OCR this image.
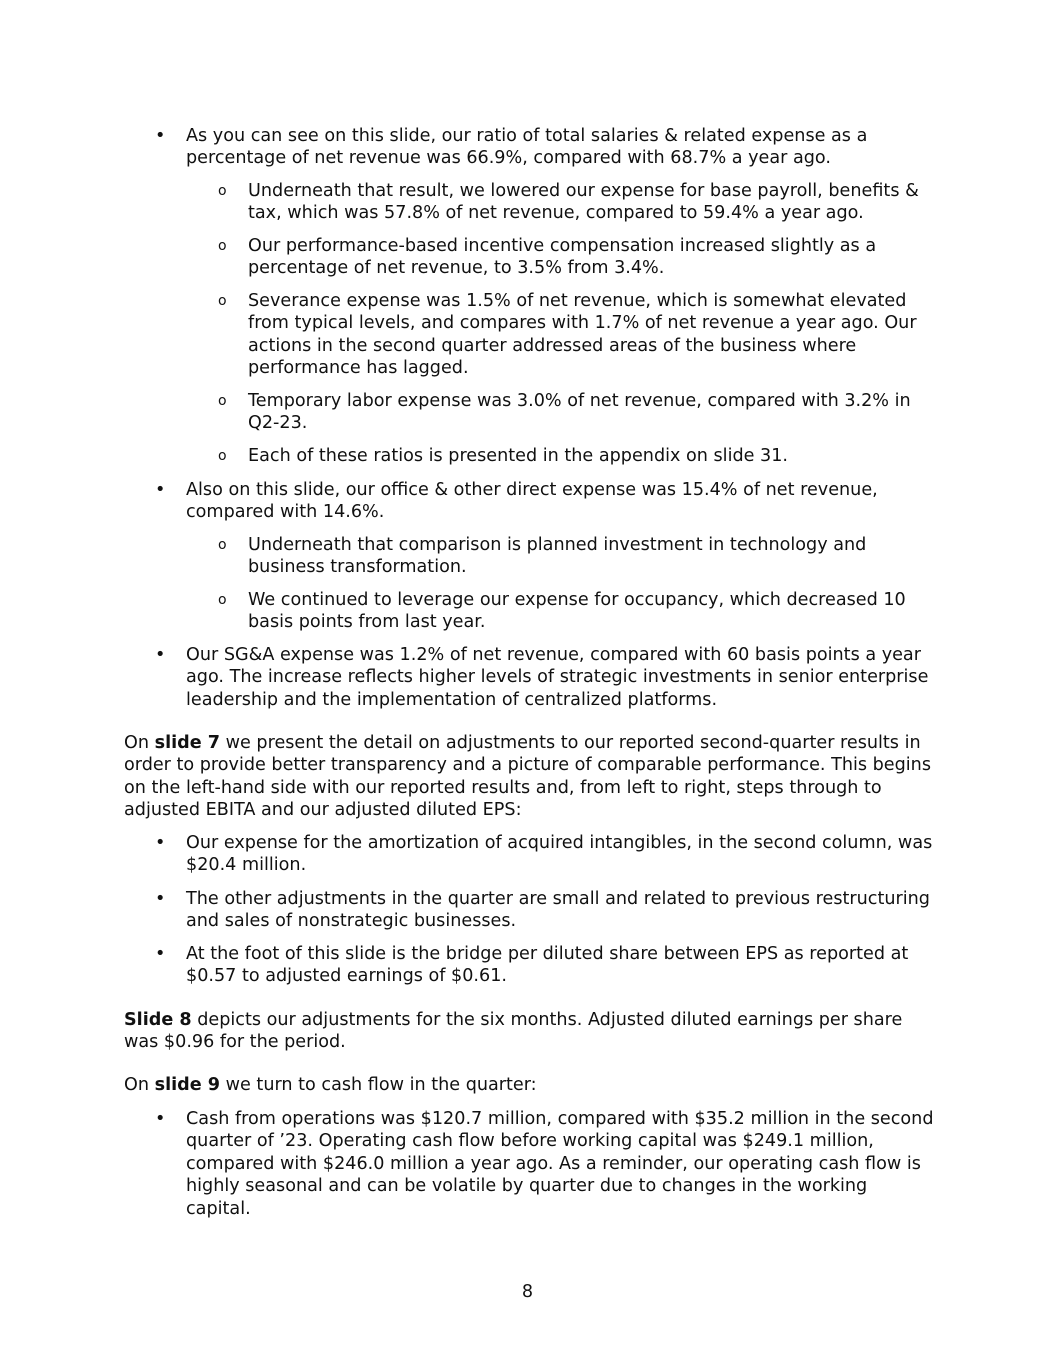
• As you can see on this slide, our ratio of total salaries & related expense as a percentage of net revenue was 66.9%, compared with 68.7% a year ago.
o Underneath that result, we lowered our expense for base payroll, benefits & tax, which was 57.8% of net revenue, compared to 59.4% a year ago.
o Our performance-based incentive compensation increased slightly as a percentage of net revenue, to 3.5% from 3.4%.
o Severance expense was 1.5% of net revenue, which is somewhat elevated from typical levels, and compares with 1.7% of net revenue a year ago. Our actions in the second quarter addressed areas of the business where performance has lagged.
o Temporary labor expense was 3.0% of net revenue, compared with 3.2% in Q2-23.
o Each of these ratios is presented in the appendix on slide 31.
• Also on this slide, our office & other direct expense was 15.4% of net revenue, compared with 14.6%.
o Underneath that comparison is planned investment in technology and business transformation.
o We continued to leverage our expense for occupancy, which decreased 10 basis points from last year.
• Our SG&A expense was 1.2% of net revenue, compared with 60 basis points a year ago. The increase reflects higher levels of strategic investments in senior enterprise leadership and the implementation of centralized platforms.
On slide 7 we present the detail on adjustments to our reported second-quarter results in order to provide better transparency and a picture of comparable performance. This begins on the left-hand side with our reported results and, from left to right, steps through to adjusted EBITA and our adjusted diluted EPS:
• Our expense for the amortization of acquired intangibles, in the second column, was $20.4 million.
• The other adjustments in the quarter are small and related to previous restructuring and sales of nonstrategic businesses.
• At the foot of this slide is the bridge per diluted share between EPS as reported at $0.57 to adjusted earnings of $0.61.
Slide 8 depicts our adjustments for the six months. Adjusted diluted earnings per share was $0.96 for the period.
On slide 9 we turn to cash flow in the quarter:
• Cash from operations was $120.7 million, compared with $35.2 million in the second quarter of ’23. Operating cash flow before working capital was $249.1 million, compared with $246.0 million a year ago. As a reminder, our operating cash flow is highly seasonal and can be volatile by quarter due to changes in the working capital.
8
